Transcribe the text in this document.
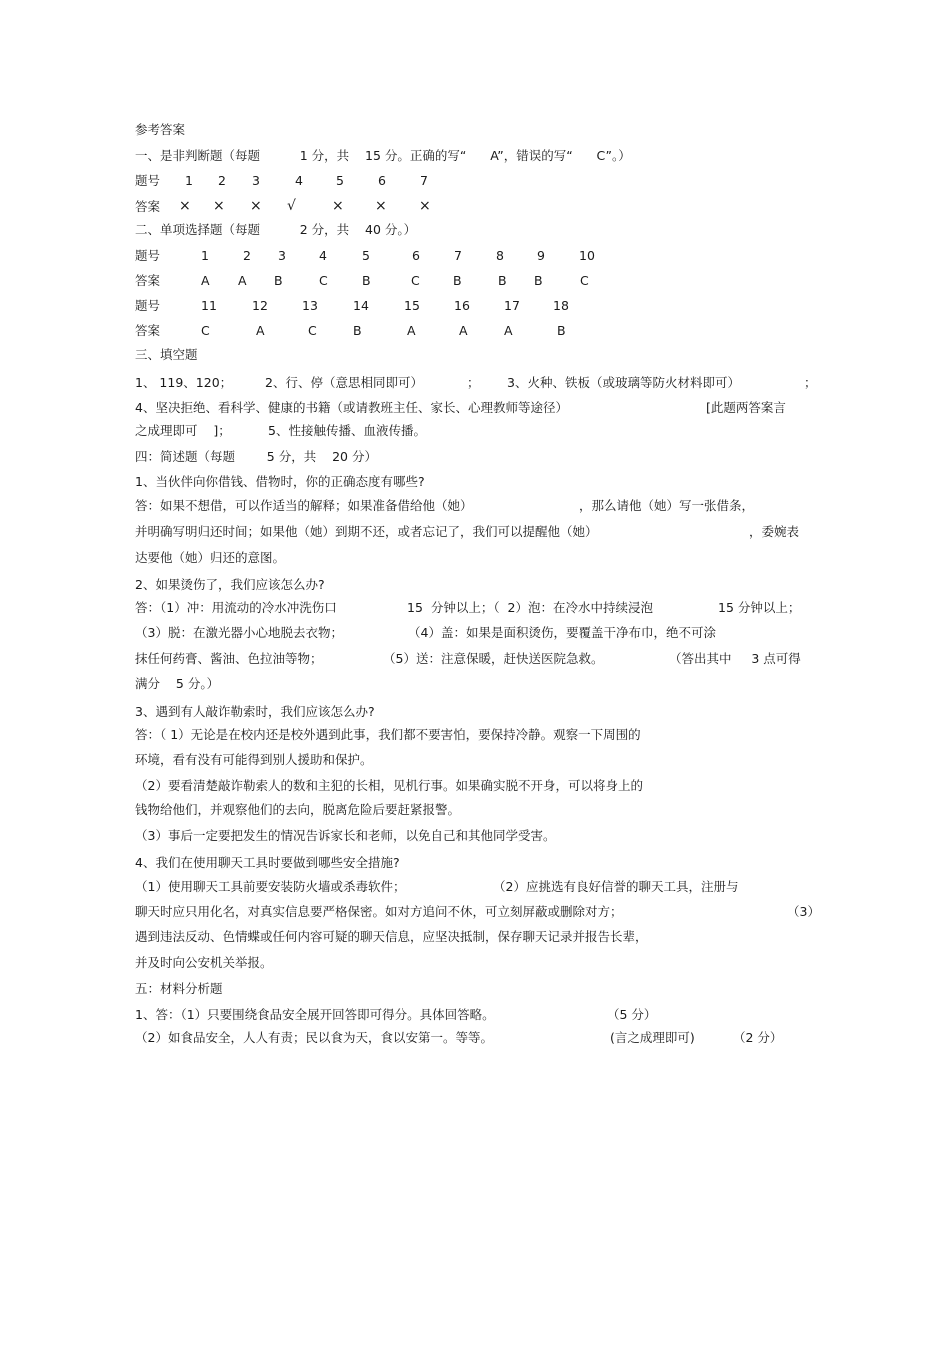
参考答案
一、是非判断题（每题          1 分，共    15 分。正确的写“      A”，错误的写“      C”。）
题号 1 2 3	4	5	6	7
答案 × × × √	× × ×
二、单项选择题（每题          2 分，共    40 分。）
题号	1	2 3	4	5	6	7	8	9	10
答案	A A B	C	B	C	B	B B	C
题号	11	12	13	14	15	16	17	18
答案	C	A	C	B	A	A	A	B
三、填空题
1、 119、120；	2、行、停（意思相同即可）	； 3、火种、铁板（或玻璃等防火材料即可）	；
4、坚决拒绝、看科学、健康的书籍（或请教班主任、家长、心理教师等途径）	[此题两答案言
之成理即可    ]；	5、性接触传播、血液传播。
四：简述题（每题        5 分，共    20 分）
1、当伙伴向你借钱、借物时，你的正确态度有哪些?
答：如果不想借，可以作适当的解释；如果准备借给他（她）	，那么请他（她）写一张借条，
并明确写明归还时间；如果他（她）到期不还，或者忘记了，我们可以提醒他（她）	，委婉表
达要他（她）归还的意图。
2、如果烫伤了，我们应该怎么办?
答：（1）冲：用流动的冷水冲洗伤口	15  分钟以上；（  2）泡：在冷水中持续浸泡	15 分钟以上；
（3）脱：在激光器小心地脱去衣物；	（4）盖：如果是面积烫伤，要覆盖干净布巾，绝不可涂
抹任何药膏、酱油、色拉油等物；	（5）送：注意保暖，赶快送医院急救。	（答出其中     3 点可得
满分    5 分。）
3、遇到有人敲诈勒索时，我们应该怎么办?
答：（ 1）无论是在校内还是校外遇到此事，我们都不要害怕，要保持冷静。观察一下周围的
环境，看有没有可能得到别人援助和保护。
（2）要看清楚敲诈勒索人的数和主犯的长相，见机行事。如果确实脱不开身，可以将身上的
钱物给他们，并观察他们的去向，脱离危险后要赶紧报警。
（3）事后一定要把发生的情况告诉家长和老师，以免自己和其他同学受害。
4、我们在使用聊天工具时要做到哪些安全措施?
（1）使用聊天工具前要安装防火墙或杀毒软件；	（2）应挑选有良好信誉的聊天工具，注册与
聊天时应只用化名，对真实信息要严格保密。如对方追问不休，可立刻屏蔽或删除对方；	（3）
遇到违法反动、色情蝶或任何内容可疑的聊天信息，应坚决抵制，保存聊天记录并报告长辈，
并及时向公安机关举报。
五：材料分析题
1、答：（1）只要围绕食品安全展开回答即可得分。具体回答略。	（5 分）
（2）如食品安全，人人有责；民以食为天，食以安第一。等等。	(言之成理即可)	（2 分）
